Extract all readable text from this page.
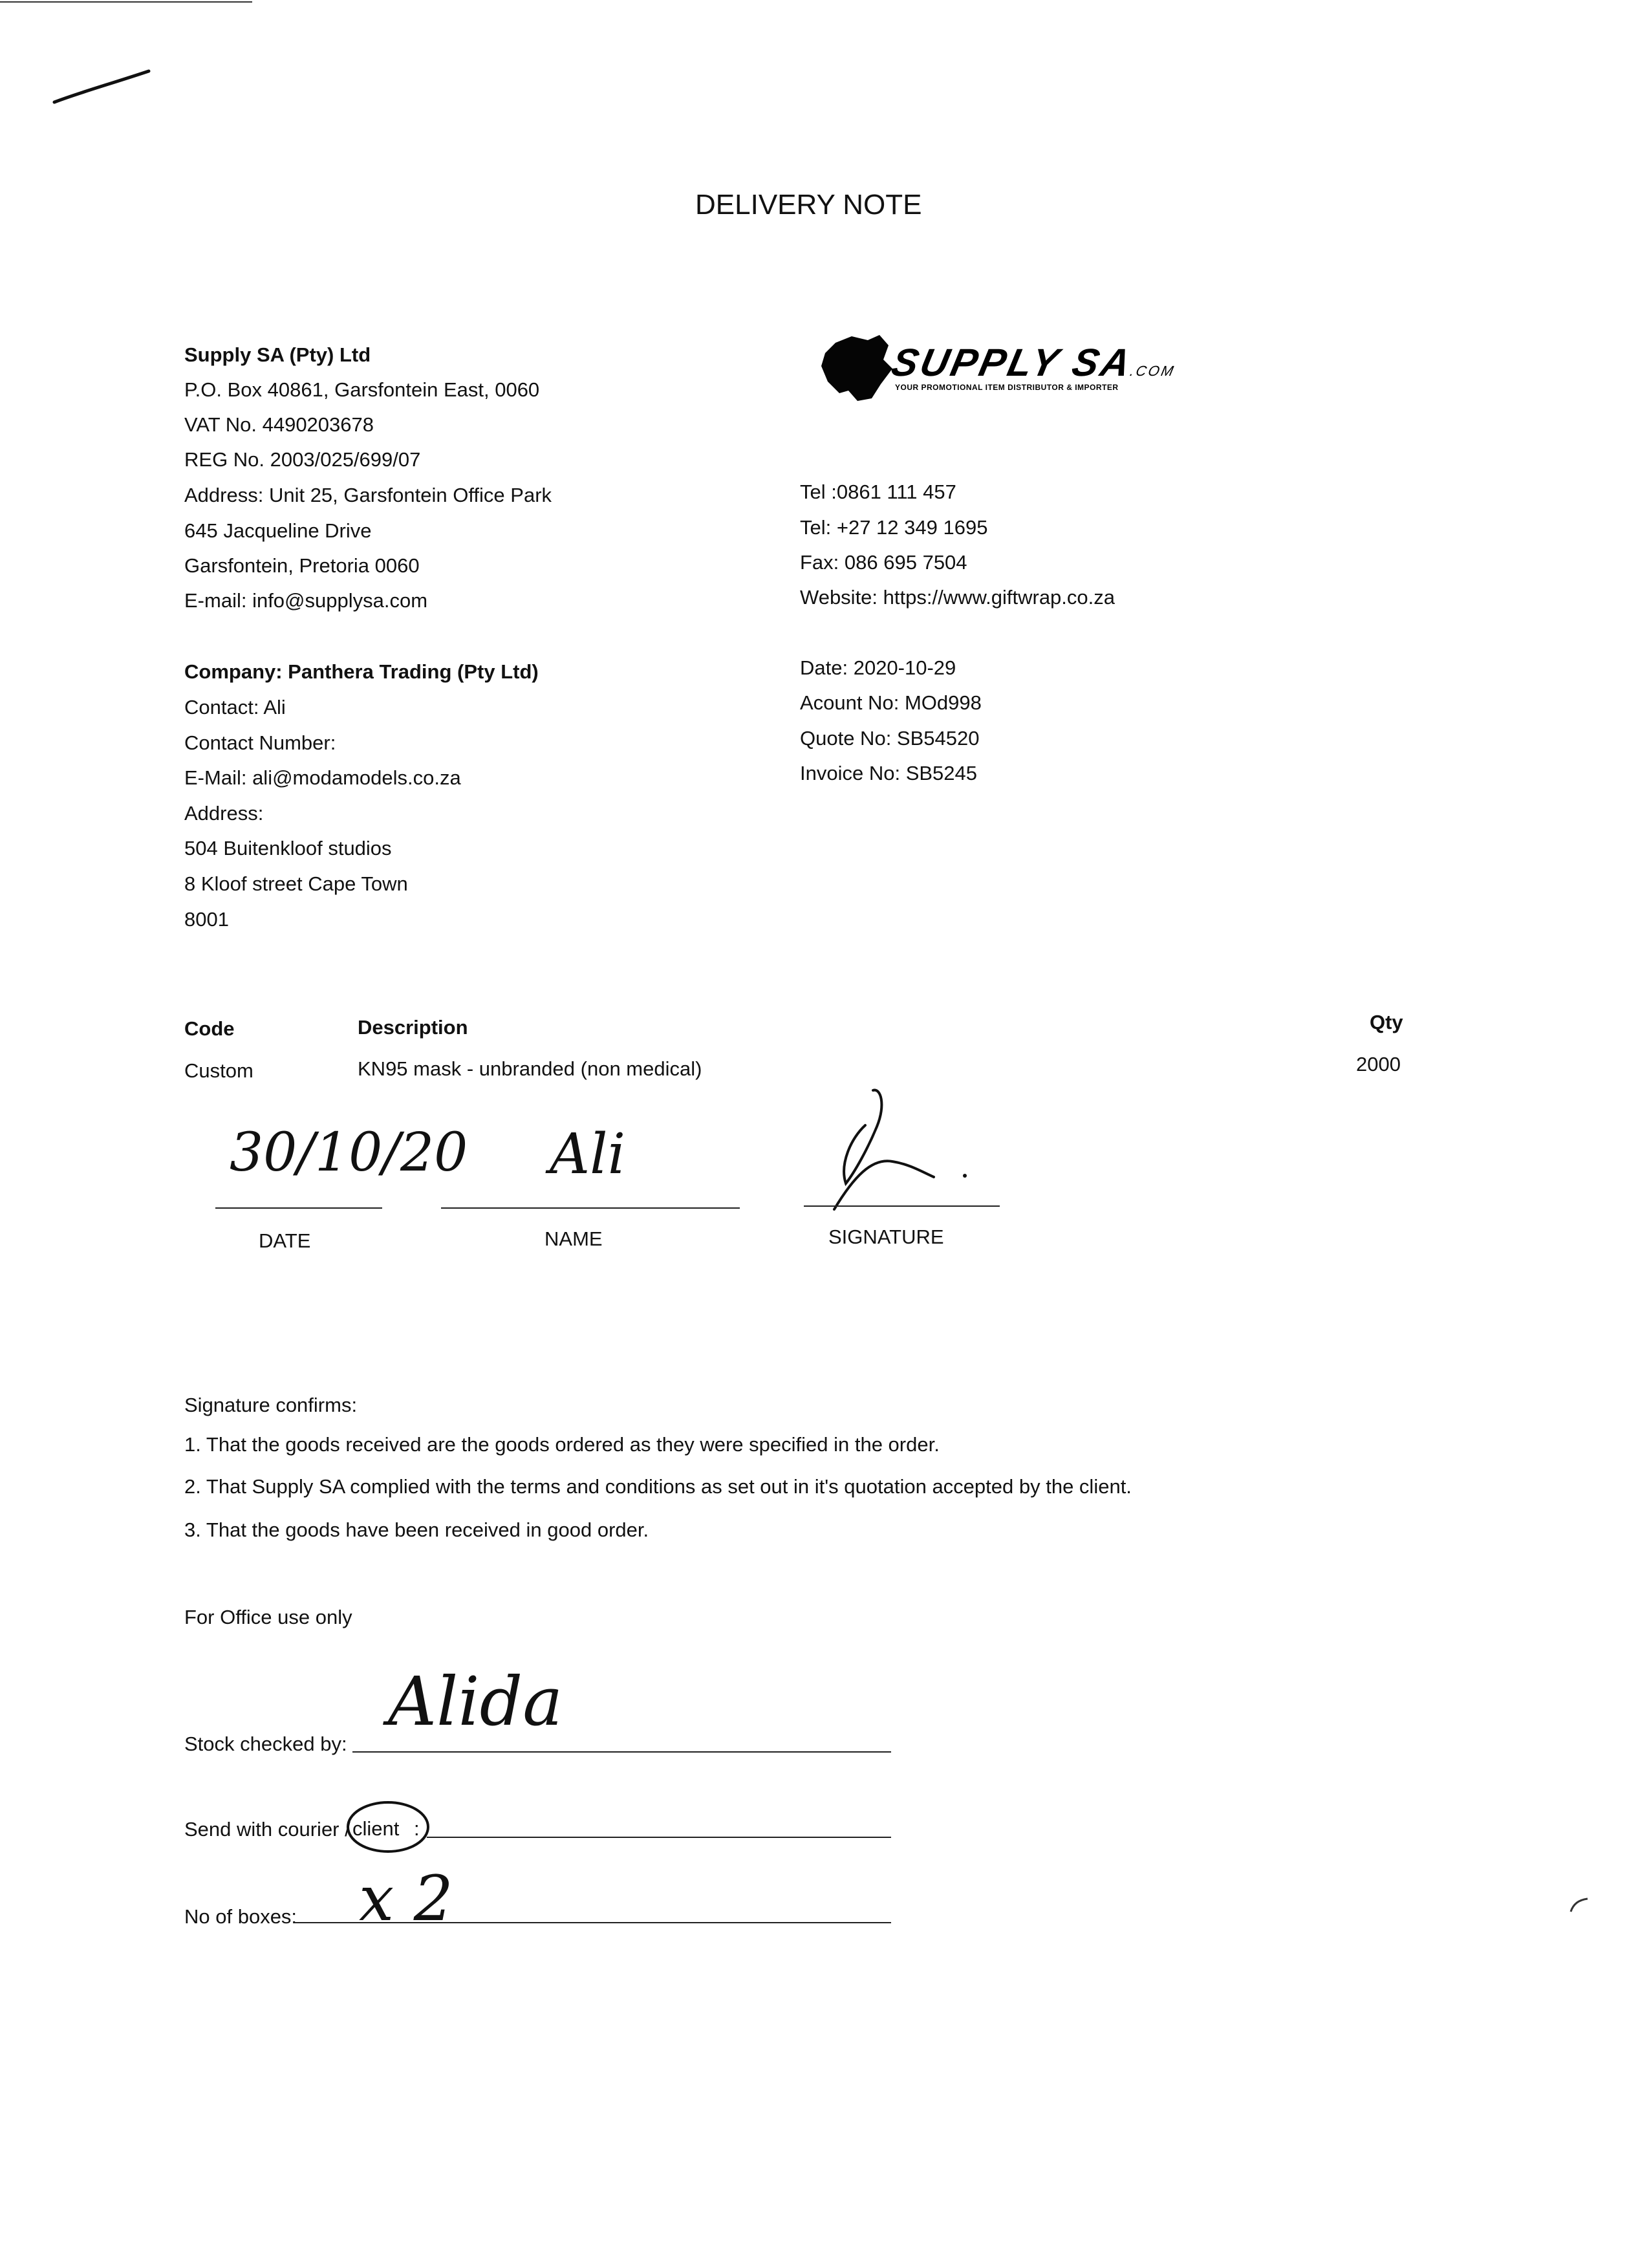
DELIVERY NOTE
Supply SA (Pty) Ltd
P.O. Box 40861, Garsfontein East, 0060
VAT No. 4490203678
REG No. 2003/025/699/07
Address: Unit 25, Garsfontein Office Park
645 Jacqueline Drive
Garsfontein, Pretoria 0060
E-mail: info@supplysa.com
SUPPLY SA.COM
YOUR PROMOTIONAL ITEM DISTRIBUTOR & IMPORTER
Tel :0861 111 457
Tel: +27 12 349 1695
Fax: 086 695 7504
Website: https://www.giftwrap.co.za
Company: Panthera Trading (Pty Ltd)
Contact: Ali
Contact Number:
E-Mail: ali@modamodels.co.za
Address:
504 Buitenkloof studios
8 Kloof street Cape Town
8001
Date: 2020-10-29
Acount No: MOd998
Quote No: SB54520
Invoice No: SB5245
Code	Description	Qty
Custom	KN95 mask - unbranded (non medical)	2000
30/10/20
DATE
Ali
NAME	SIGNATURE
Signature confirms:
1. That the goods received are the goods ordered as they were specified in the order.
2. That Supply SA complied with the terms and conditions as set out in it's quotation accepted by the client.
3. That the goods have been received in good order.
For Office use only
Stock checked by:
Alida
Send with courier / client :
No of boxes: x 2
